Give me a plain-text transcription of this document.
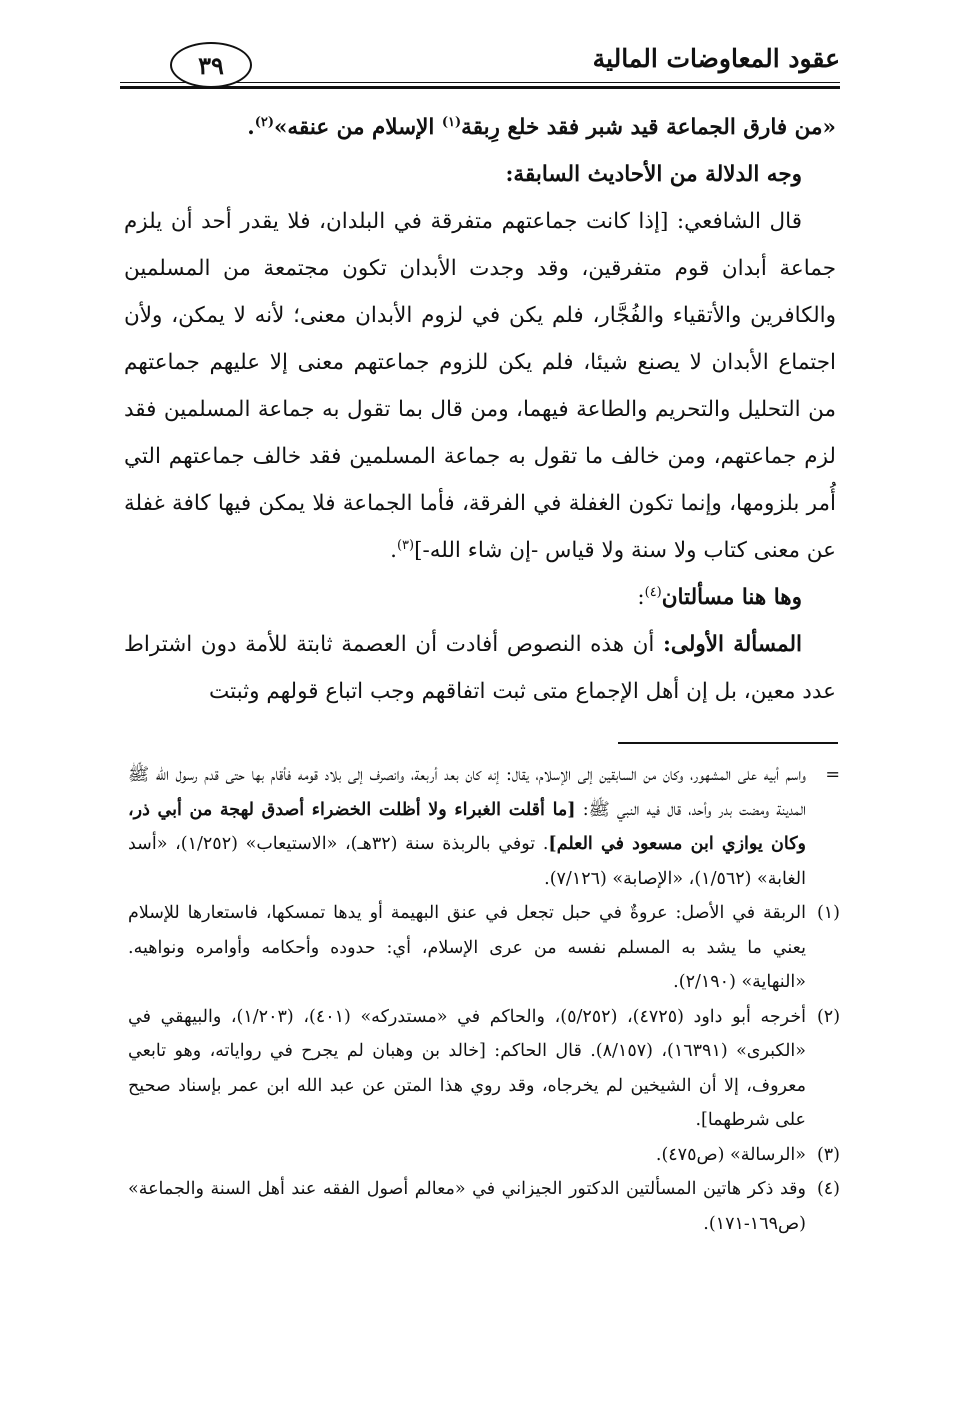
عقود المعاوضات المالية
٣٩

«من فارق الجماعة قيد شبر فقد خلع رِبقة$^{(١)}$ الإسلام من عنقه»$^{(٢)}$.

وجه الدلالة من الأحاديث السابقة:

قال الشافعي: [إذا كانت جماعتهم متفرقة في البلدان، فلا يقدر أحد أن يلزم جماعة أبدان قوم متفرقين، وقد وجدت الأبدان تكون مجتمعة من المسلمين والكافرين والأتقياء والفُجَّار، فلم يكن في لزوم الأبدان معنى؛ لأنه لا يمكن، ولأن اجتماع الأبدان لا يصنع شيئا، فلم يكن للزوم جماعتهم معنى إلا عليهم جماعتهم من التحليل والتحريم والطاعة فيهما، ومن قال بما تقول به جماعة المسلمين فقد لزم جماعتهم، ومن خالف ما تقول به جماعة المسلمين فقد خالف جماعتهم التي أُمر بلزومها، وإنما تكون الغفلة في الفرقة، فأما الجماعة فلا يمكن فيها كافة غفلة عن معنى كتاب ولا سنة ولا قياس -إن شاء الله-]$^{(٣)}$.

وها هنا مسألتان$^{(٤)}$:

المسألة الأولى: أن هذه النصوص أفادت أن العصمة ثابتة للأمة دون اشتراط عدد معين، بل إن أهل الإجماع متى ثبت اتفاقهم وجب اتباع قولهم وثبتت

=واسم أبيه على المشهور، وكان من السابقين إلى الإسلام، يقال: إنه كان بعد أربعة، وانصرف إلى بلاد قومه فأقام بها حتى قدم رسول الله ﷺ المدينة ومضت بدر وأحد، قال فيه النبي ﷺ: [ما أقلت الغبراء ولا أظلت الخضراء أصدق لهجة من أبي ذر، وكان يوازي ابن مسعود في العلم]. توفي بالربذة سنة (٣٢هـ)، «الاستيعاب» (١/٢٥٢)، «أسد الغابة» (١/٥٦٢)، «الإصابة» (٧/١٢٦).

(١)الربقة في الأصل: عروةٌ في حبل تجعل في عنق البهيمة أو يدها تمسكها، فاستعارها للإسلام يعني ما يشد به المسلم نفسه من عرى الإسلام، أي: حدوده وأحكامه وأوامره ونواهيه. «النهاية» (٢/١٩٠).

(٢)أخرجه أبو داود (٤٧٢٥)، (٥/٢٥٢)، والحاكم في «مستدركه» (٤٠١)، (١/٢٠٣)، والبيهقي في «الكبرى» (١٦٣٩١)، (٨/١٥٧). قال الحاكم: [خالد بن وهبان لم يجرح في رواياته، وهو تابعي معروف، إلا أن الشيخين لم يخرجاه، وقد روي هذا المتن عن عبد الله ابن عمر بإسناد صحيح على شرطهما].

(٣)«الرسالة» (ص٤٧٥).

(٤)وقد ذكر هاتين المسألتين الدكتور الجيزاني في «معالم أصول الفقه عند أهل السنة والجماعة» (ص١٦٩-١٧١).
